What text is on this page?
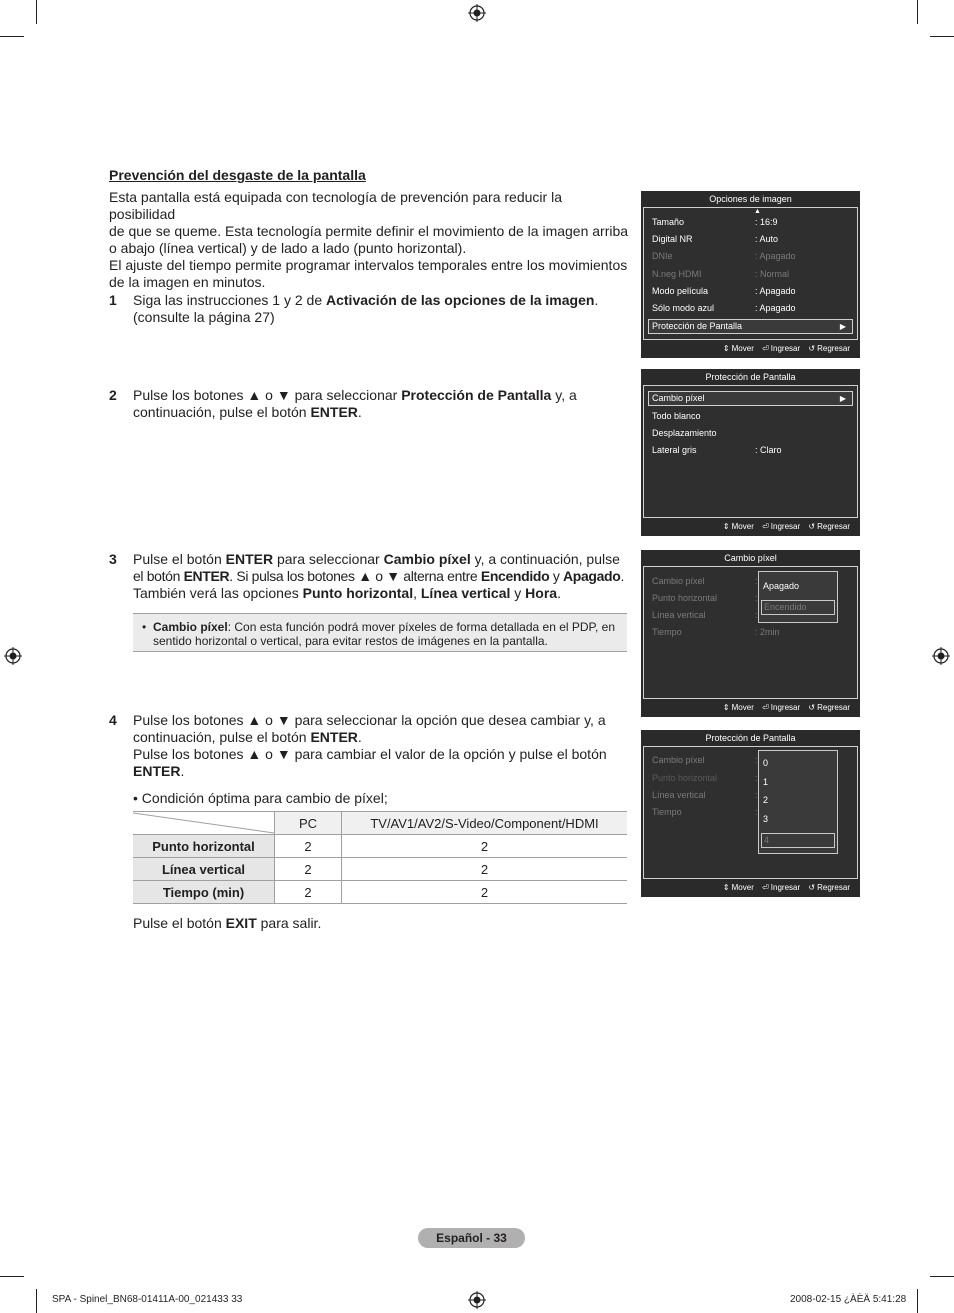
Prevención del desgaste de la pantalla
Esta pantalla está equipada con tecnología de prevención para reducir la posibilidad
de que se queme. Esta tecnología permite definir el movimiento de la imagen arriba
o abajo (línea vertical) y de lado a lado (punto horizontal).
El ajuste del tiempo permite programar intervalos temporales entre los movimientos
de la imagen en minutos.
1 Siga las instrucciones 1 y 2 de Activación de las opciones de la imagen.
(consulte la página 27)
2 Pulse los botones ▲ o ▼ para seleccionar Protección de Pantalla y, a
continuación, pulse el botón ENTER.
3 Pulse el botón ENTER para seleccionar Cambio píxel y, a continuación, pulse
el botón ENTER. Si pulsa los botones ▲ o ▼ alterna entre Encendido y Apagado.
También verá las opciones Punto horizontal, Línea vertical y Hora.
• Cambio píxel: Con esta función podrá mover píxeles de forma detallada en el PDP, en
sentido horizontal o vertical, para evitar restos de imágenes en la pantalla.
4 Pulse los botones ▲ o ▼ para seleccionar la opción que desea cambiar y, a
continuación, pulse el botón ENTER.
Pulse los botones ▲ o ▼ para cambiar el valor de la opción y pulse el botón
ENTER.
• Condición óptima para cambio de píxel;
	PC	TV/AV1/AV2/S-Video/Component/HDMI
Punto horizontal	2	2
Línea vertical	2	2
Tiempo (min)	2	2
Pulse el botón EXIT para salir.
Opciones de imagen
▲
Tamaño	: 16:9
Digital NR	: Auto
DNIe	: Apagado
N.neg HDMI	: Normal
Modo película	: Apagado
Sólo modo azul	: Apagado
Protección de Pantalla	▶
⇕ Mover ⏎ Ingresar ↺ Regresar
Protección de Pantalla
Cambio píxel	▶
Todo blanco
Desplazamiento
Lateral gris	: Claro
⇕ Mover ⏎ Ingresar ↺ Regresar
Cambio píxel
Cambio píxel	:
Punto horizontal	:
Línea vertical	:
Tiempo	: 2min
Apagado
Encendido
⇕ Mover ⏎ Ingresar ↺ Regresar
Protección de Pantalla
Cambio píxel	:
Punto horizontal	:
Línea vertical	:
Tiempo	:
0
1
2
3
4
⇕ Mover ⏎ Ingresar ↺ Regresar
Español - 33
SPA - Spinel_BN68-01411A-00_021433 33	2008-02-15 ¿ÀÈÄ 5:41:28
